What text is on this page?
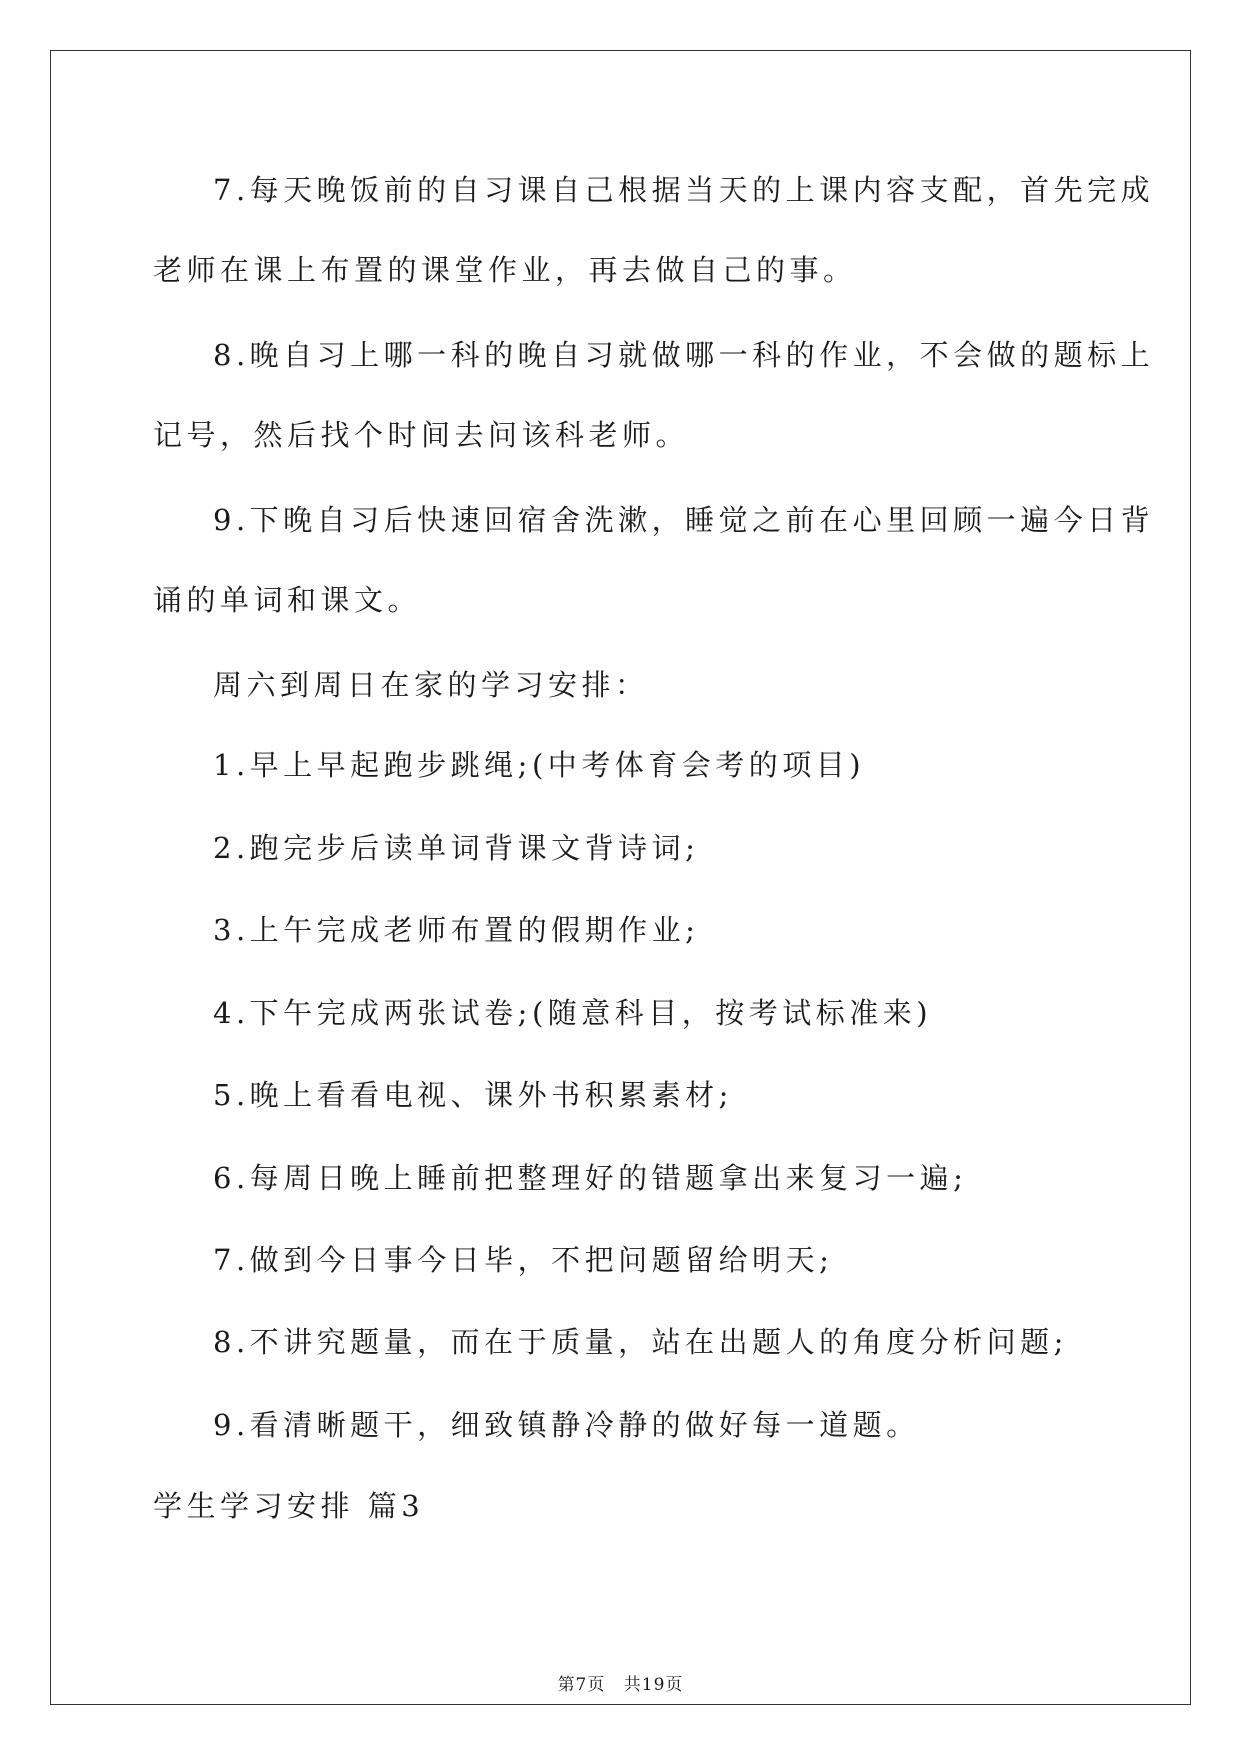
7.每天晚饭前的自习课自己根据当天的上课内容支配，首先完成

老师在课上布置的课堂作业，再去做自己的事。

8.晚自习上哪一科的晚自习就做哪一科的作业，不会做的题标上

记号，然后找个时间去问该科老师。

9.下晚自习后快速回宿舍洗漱，睡觉之前在心里回顾一遍今日背

诵的单词和课文。

周六到周日在家的学习安排：

1.早上早起跑步跳绳;(中考体育会考的项目)

2.跑完步后读单词背课文背诗词;

3.上午完成老师布置的假期作业;

4.下午完成两张试卷;(随意科目，按考试标准来)

5.晚上看看电视、课外书积累素材;

6.每周日晚上睡前把整理好的错题拿出来复习一遍;

7.做到今日事今日毕，不把问题留给明天;

8.不讲究题量，而在于质量，站在出题人的角度分析问题;

9.看清晰题干，细致镇静冷静的做好每一道题。

学生学习安排 篇3

第7页 共19页
